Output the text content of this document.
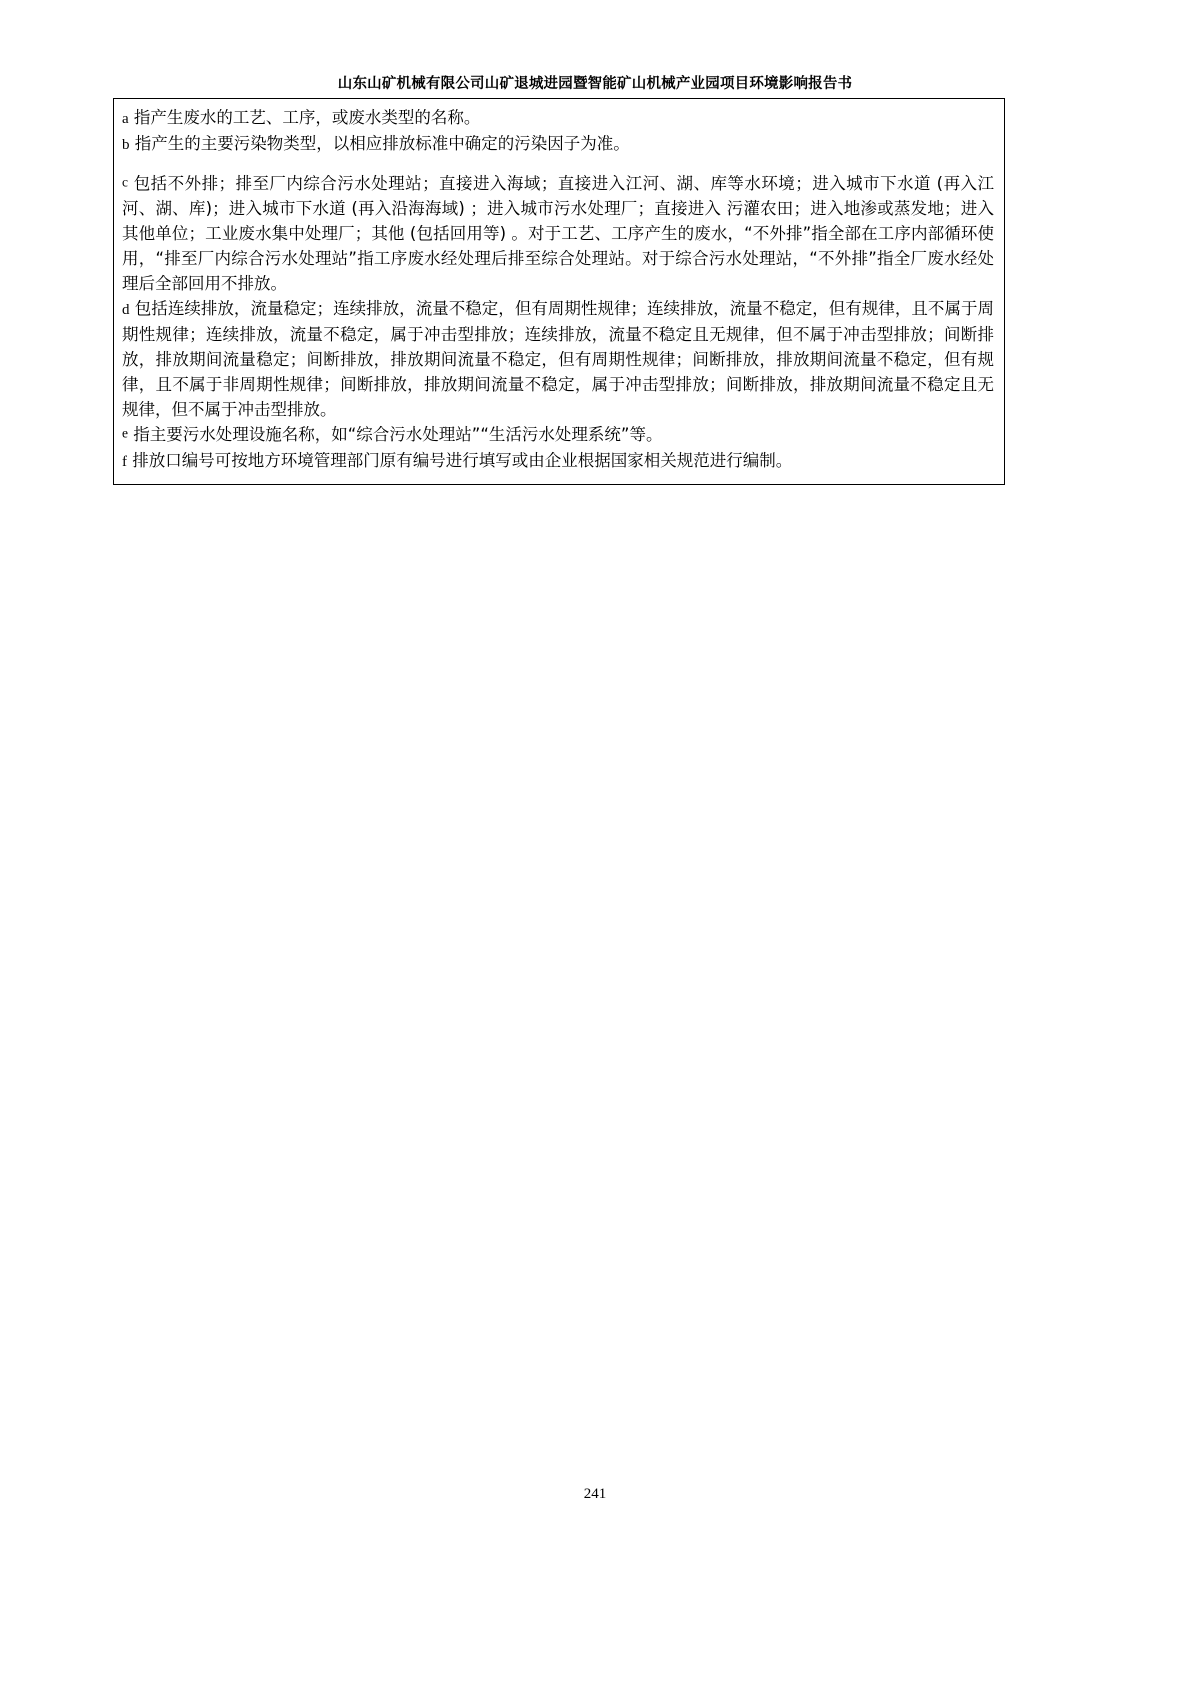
山东山矿机械有限公司山矿退城进园暨智能矿山机械产业园项目环境影响报告书

a 指产生废水的工艺、工序，或废水类型的名称。

b 指产生的主要污染物类型，以相应排放标准中确定的污染因子为准。

c 包括不外排；排至厂内综合污水处理站；直接进入海域；直接进入江河、湖、库等水环境；进入城市下水道 (再入江河、湖、库)；进入城市下水道 (再入沿海海域) ；进入城市污水处理厂；直接进入 污灌农田；进入地渗或蒸发地；进入其他单位；工业废水集中处理厂；其他 (包括回用等) 。对于工艺、工序产生的废水，“不外排”指全部在工序内部循环使用，“排至厂内综合污水处理站”指工序废水经处理后排至综合处理站。对于综合污水处理站，“不外排”指全厂废水经处理后全部回用不排放。

d 包括连续排放，流量稳定；连续排放，流量不稳定，但有周期性规律；连续排放，流量不稳定，但有规律，且不属于周期性规律；连续排放，流量不稳定，属于冲击型排放；连续排放，流量不稳定且无规律，但不属于冲击型排放；间断排放，排放期间流量稳定；间断排放，排放期间流量不稳定，但有周期性规律；间断排放，排放期间流量不稳定，但有规律，且不属于非周期性规律；间断排放，排放期间流量不稳定，属于冲击型排放；间断排放，排放期间流量不稳定且无规律，但不属于冲击型排放。

e 指主要污水处理设施名称，如“综合污水处理站”“生活污水处理系统”等。

f 排放口编号可按地方环境管理部门原有编号进行填写或由企业根据国家相关规范进行编制。

241
